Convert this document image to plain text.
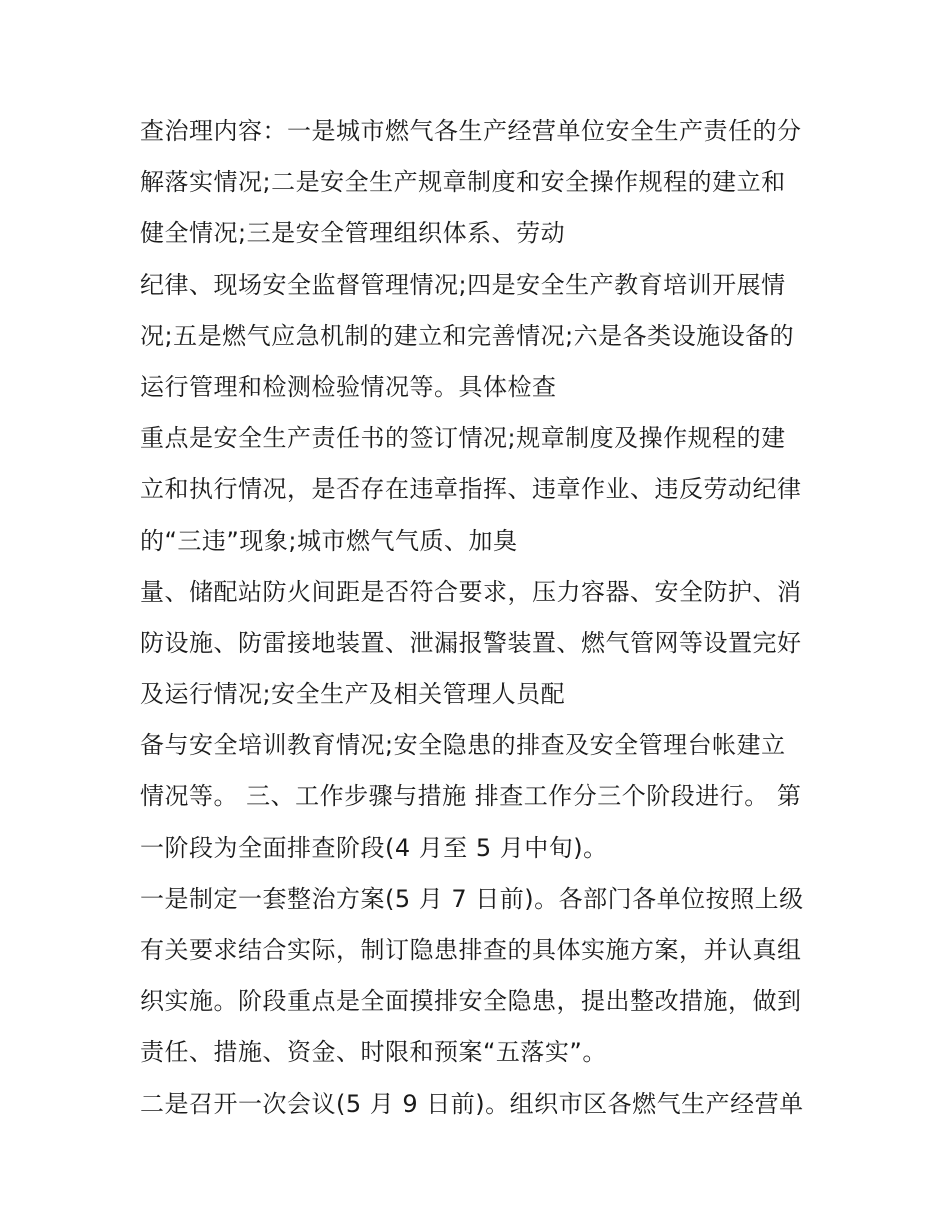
查治理内容：一是城市燃气各生产经营单位安全生产责任的分
解落实情况;二是安全生产规章制度和安全操作规程的建立和
健全情况;三是安全管理组织体系、劳动
纪律、现场安全监督管理情况;四是安全生产教育培训开展情
况;五是燃气应急机制的建立和完善情况;六是各类设施设备的
运行管理和检测检验情况等。具体检查
重点是安全生产责任书的签订情况;规章制度及操作规程的建
立和执行情况，是否存在违章指挥、违章作业、违反劳动纪律
的“三违”现象;城市燃气气质、加臭
量、储配站防火间距是否符合要求，压力容器、安全防护、消
防设施、防雷接地装置、泄漏报警装置、燃气管网等设置完好
及运行情况;安全生产及相关管理人员配
备与安全培训教育情况;安全隐患的排查及安全管理台帐建立
情况等。 三、工作步骤与措施 排查工作分三个阶段进行。 第
一阶段为全面排查阶段(4 月至 5 月中旬)。
一是制定一套整治方案(5 月 7 日前)。各部门各单位按照上级
有关要求结合实际，制订隐患排查的具体实施方案，并认真组
织实施。阶段重点是全面摸排安全隐患，提出整改措施，做到
责任、措施、资金、时限和预案“五落实”。
二是召开一次会议(5 月 9 日前)。组织市区各燃气生产经营单
